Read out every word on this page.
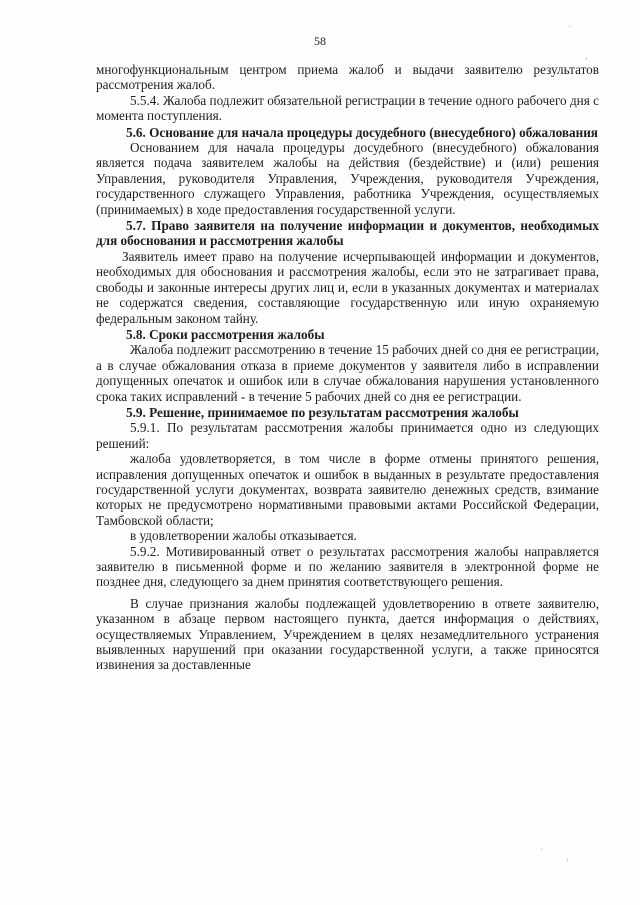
58

многофункциональным центром приема жалоб и выдачи заявителю результатов рассмотрения жалоб.

5.5.4. Жалоба подлежит обязательной регистрации в течение одного рабочего дня с момента поступления.

5.6. Основание для начала процедуры досудебного (внесудебного) обжалования

Основанием для начала процедуры досудебного (внесудебного) обжалования является подача заявителем жалобы на действия (бездействие) и (или) решения Управления, руководителя Управления, Учреждения, руководителя Учреждения, государственного служащего Управления, работника Учреждения, осуществляемых (принимаемых) в ходе предоставления государственной услуги.

5.7. Право заявителя на получение информации и документов, необходимых для обоснования и рассмотрения жалобы

Заявитель имеет право на получение исчерпывающей информации и документов, необходимых для обоснования и рассмотрения жалобы, если это не затрагивает права, свободы и законные интересы других лиц и, если в указанных документах и материалах не содержатся сведения, составляющие государственную или иную охраняемую федеральным законом тайну.

5.8. Сроки рассмотрения жалобы

Жалоба подлежит рассмотрению в течение 15 рабочих дней со дня ее регистрации, а в случае обжалования отказа в приеме документов у заявителя либо в исправлении допущенных опечаток и ошибок или в случае обжалования нарушения установленного срока таких исправлений - в течение 5 рабочих дней со дня ее регистрации.

5.9. Решение, принимаемое по результатам рассмотрения жалобы

5.9.1. По результатам рассмотрения жалобы принимается одно из следующих решений:

жалоба удовлетворяется, в том числе в форме отмены принятого решения, исправления допущенных опечаток и ошибок в выданных в результате предоставления государственной услуги документах, возврата заявителю денежных средств, взимание которых не предусмотрено нормативными правовыми актами Российской Федерации, Тамбовской области;

в удовлетворении жалобы отказывается.

5.9.2. Мотивированный ответ о результатах рассмотрения жалобы направляется заявителю в письменной форме и по желанию заявителя в электронной форме не позднее дня, следующего за днем принятия соответствующего решения.

В случае признания жалобы подлежащей удовлетворению в ответе заявителю, указанном в абзаце первом настоящего пункта, дается информация о действиях, осуществляемых Управлением, Учреждением в целях незамедлительного устранения выявленных нарушений при оказании государственной услуги, а также приносятся извинения за доставленные

.
,
·
'
